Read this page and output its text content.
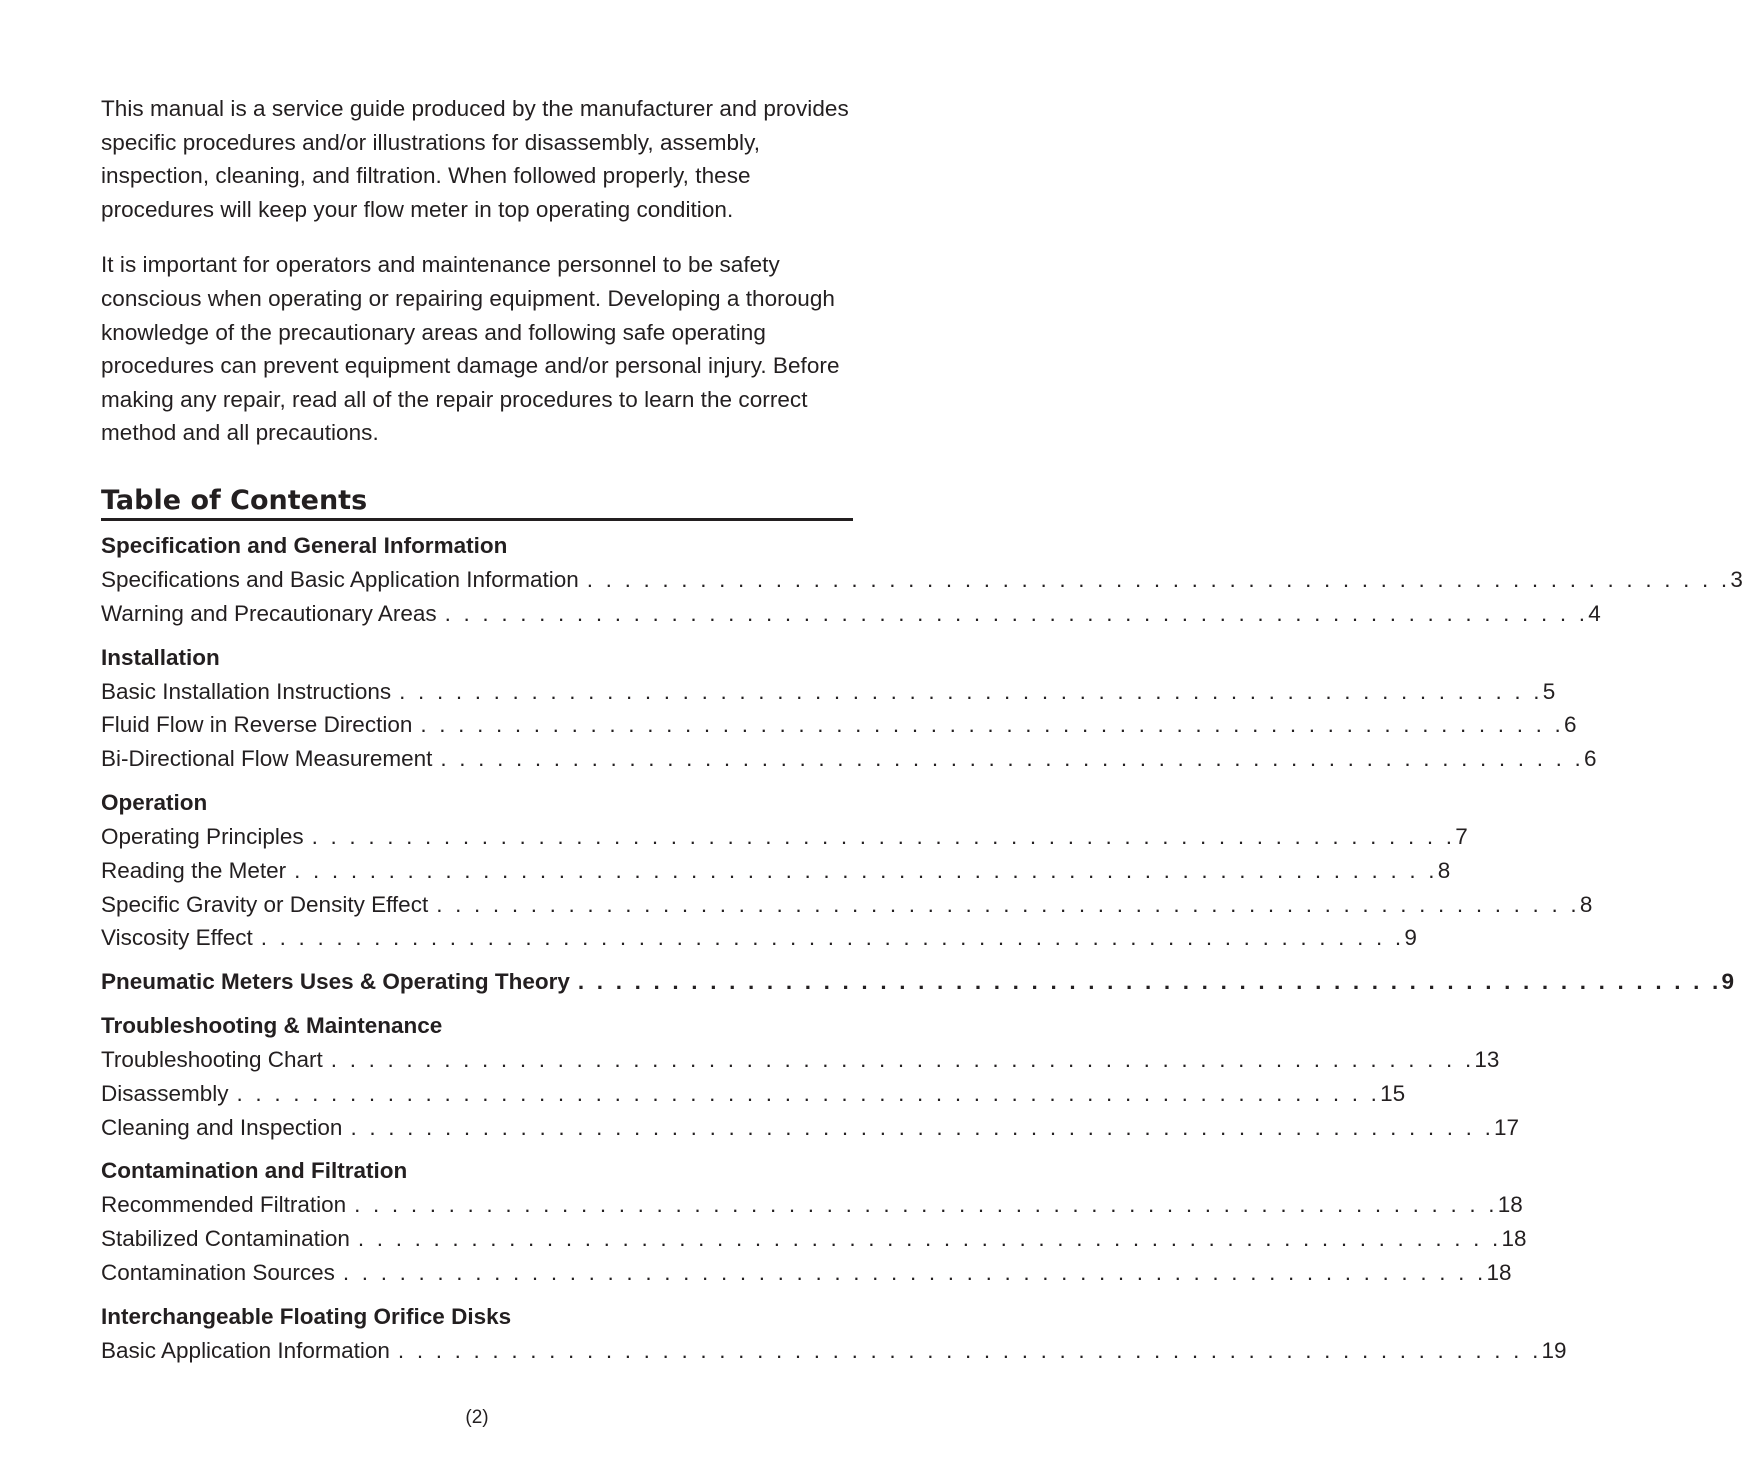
This manual is a service guide produced by the manufacturer and provides specific procedures and/or illustrations for disassembly, assembly, inspection, cleaning, and filtration. When followed properly, these procedures will keep your flow meter in top operating condition.

It is important for operators and maintenance personnel to be safety conscious when operating or repairing equipment. Developing a thorough knowledge of the precautionary areas and following safe operating procedures can prevent equipment damage and/or personal injury. Before making any repair, read all of the repair procedures to learn the correct method and all precautions.

Table of Contents
Specification and General Information
Specifications and Basic Application Information . . . . . . . . . . . . . . . . . . . . . . . . . . . . . . . . . . . . . . . . . . . . . . . . . . . . . . . . . . . . . 3
Warning and Precautionary Areas . . . . . . . . . . . . . . . . . . . . . . . . . . . . . . . . . . . . . . . . . . . . . . . . . . . . . . . . . . . . . 4
Installation
Basic Installation Instructions . . . . . . . . . . . . . . . . . . . . . . . . . . . . . . . . . . . . . . . . . . . . . . . . . . . . . . . . . . . . . 5
Fluid Flow in Reverse Direction . . . . . . . . . . . . . . . . . . . . . . . . . . . . . . . . . . . . . . . . . . . . . . . . . . . . . . . . . . . . . 6
Bi-Directional Flow Measurement . . . . . . . . . . . . . . . . . . . . . . . . . . . . . . . . . . . . . . . . . . . . . . . . . . . . . . . . . . . . . 6
Operation
Operating Principles . . . . . . . . . . . . . . . . . . . . . . . . . . . . . . . . . . . . . . . . . . . . . . . . . . . . . . . . . . . . . 7
Reading the Meter . . . . . . . . . . . . . . . . . . . . . . . . . . . . . . . . . . . . . . . . . . . . . . . . . . . . . . . . . . . . . 8
Specific Gravity or Density Effect . . . . . . . . . . . . . . . . . . . . . . . . . . . . . . . . . . . . . . . . . . . . . . . . . . . . . . . . . . . . . 8
Viscosity Effect . . . . . . . . . . . . . . . . . . . . . . . . . . . . . . . . . . . . . . . . . . . . . . . . . . . . . . . . . . . . . 9
Pneumatic Meters Uses & Operating Theory . . . . . . . . . . . . . . . . . . . . . . . . . . . . . . . . . . . . . . . . . . . . . . . . . . . . . . . . . . . . . 9
Troubleshooting & Maintenance
Troubleshooting Chart . . . . . . . . . . . . . . . . . . . . . . . . . . . . . . . . . . . . . . . . . . . . . . . . . . . . . . . . . . . . . 13
Disassembly . . . . . . . . . . . . . . . . . . . . . . . . . . . . . . . . . . . . . . . . . . . . . . . . . . . . . . . . . . . . . 15
Cleaning and Inspection . . . . . . . . . . . . . . . . . . . . . . . . . . . . . . . . . . . . . . . . . . . . . . . . . . . . . . . . . . . . . 17
Contamination and Filtration
Recommended Filtration . . . . . . . . . . . . . . . . . . . . . . . . . . . . . . . . . . . . . . . . . . . . . . . . . . . . . . . . . . . . . 18
Stabilized Contamination . . . . . . . . . . . . . . . . . . . . . . . . . . . . . . . . . . . . . . . . . . . . . . . . . . . . . . . . . . . . . 18
Contamination Sources . . . . . . . . . . . . . . . . . . . . . . . . . . . . . . . . . . . . . . . . . . . . . . . . . . . . . . . . . . . . . 18
Interchangeable Floating Orifice Disks
Basic Application Information . . . . . . . . . . . . . . . . . . . . . . . . . . . . . . . . . . . . . . . . . . . . . . . . . . . . . . . . . . . . . 19
(2)
